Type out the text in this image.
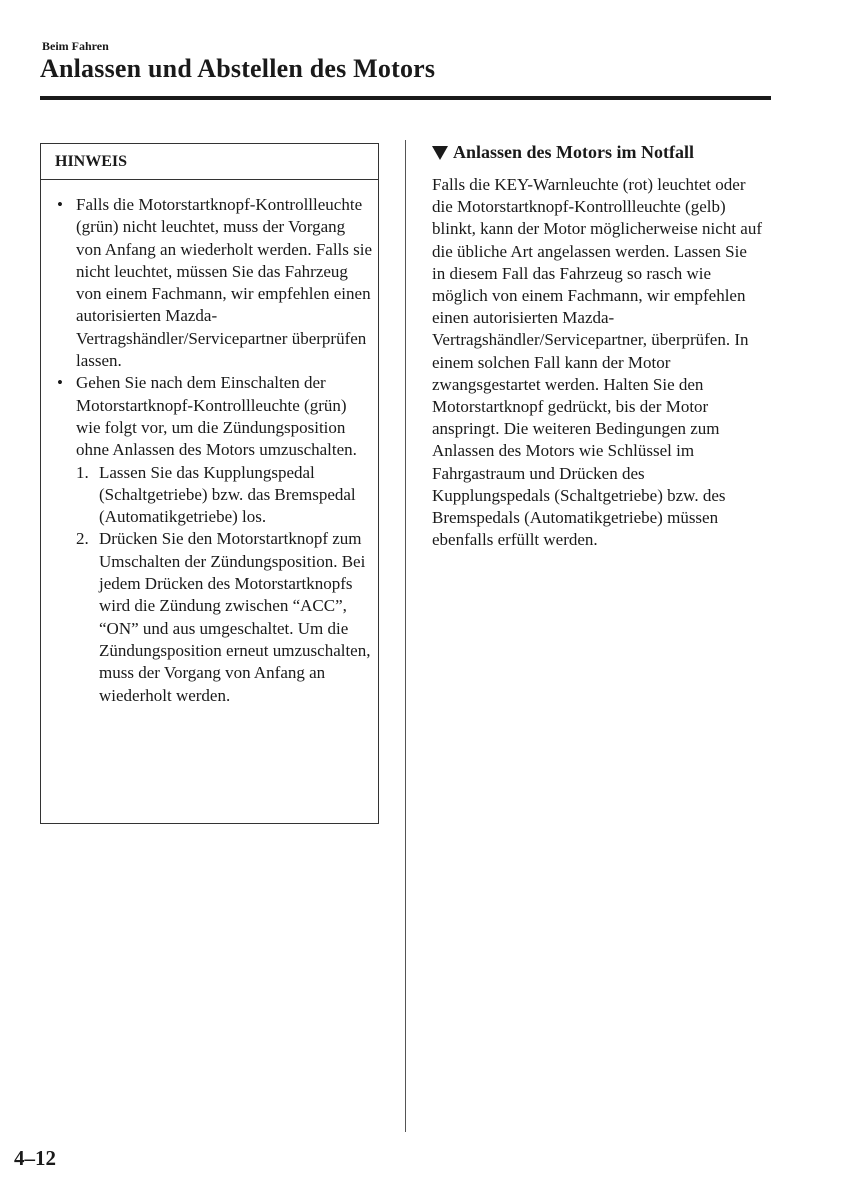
Beim Fahren
Anlassen und Abstellen des Motors
HINWEIS
• Falls die Motorstartknopf-Kontrollleuchte (grün) nicht leuchtet, muss der Vorgang von Anfang an wiederholt werden. Falls sie nicht leuchtet, müssen Sie das Fahrzeug von einem Fachmann, wir empfehlen einen autorisierten Mazda-Vertragshändler/Servicepartner überprüfen lassen.
• Gehen Sie nach dem Einschalten der Motorstartknopf-Kontrollleuchte (grün) wie folgt vor, um die Zündungsposition ohne Anlassen des Motors umzuschalten.
1. Lassen Sie das Kupplungspedal (Schaltgetriebe) bzw. das Bremspedal (Automatikgetriebe) los.
2. Drücken Sie den Motorstartknopf zum Umschalten der Zündungsposition. Bei jedem Drücken des Motorstartknopfs wird die Zündung zwischen “ACC”, “ON” und aus umgeschaltet. Um die Zündungsposition erneut umzuschalten, muss der Vorgang von Anfang an wiederholt werden.
Anlassen des Motors im Notfall
Falls die KEY-Warnleuchte (rot) leuchtet oder die Motorstartknopf-Kontrollleuchte (gelb) blinkt, kann der Motor möglicherweise nicht auf die übliche Art angelassen werden. Lassen Sie in diesem Fall das Fahrzeug so rasch wie möglich von einem Fachmann, wir empfehlen einen autorisierten Mazda-Vertragshändler/Servicepartner, überprüfen. In einem solchen Fall kann der Motor zwangsgestartet werden. Halten Sie den Motorstartknopf gedrückt, bis der Motor anspringt. Die weiteren Bedingungen zum Anlassen des Motors wie Schlüssel im Fahrgastraum und Drücken des Kupplungspedals (Schaltgetriebe) bzw. des Bremspedals (Automatikgetriebe) müssen ebenfalls erfüllt werden.
4–12
